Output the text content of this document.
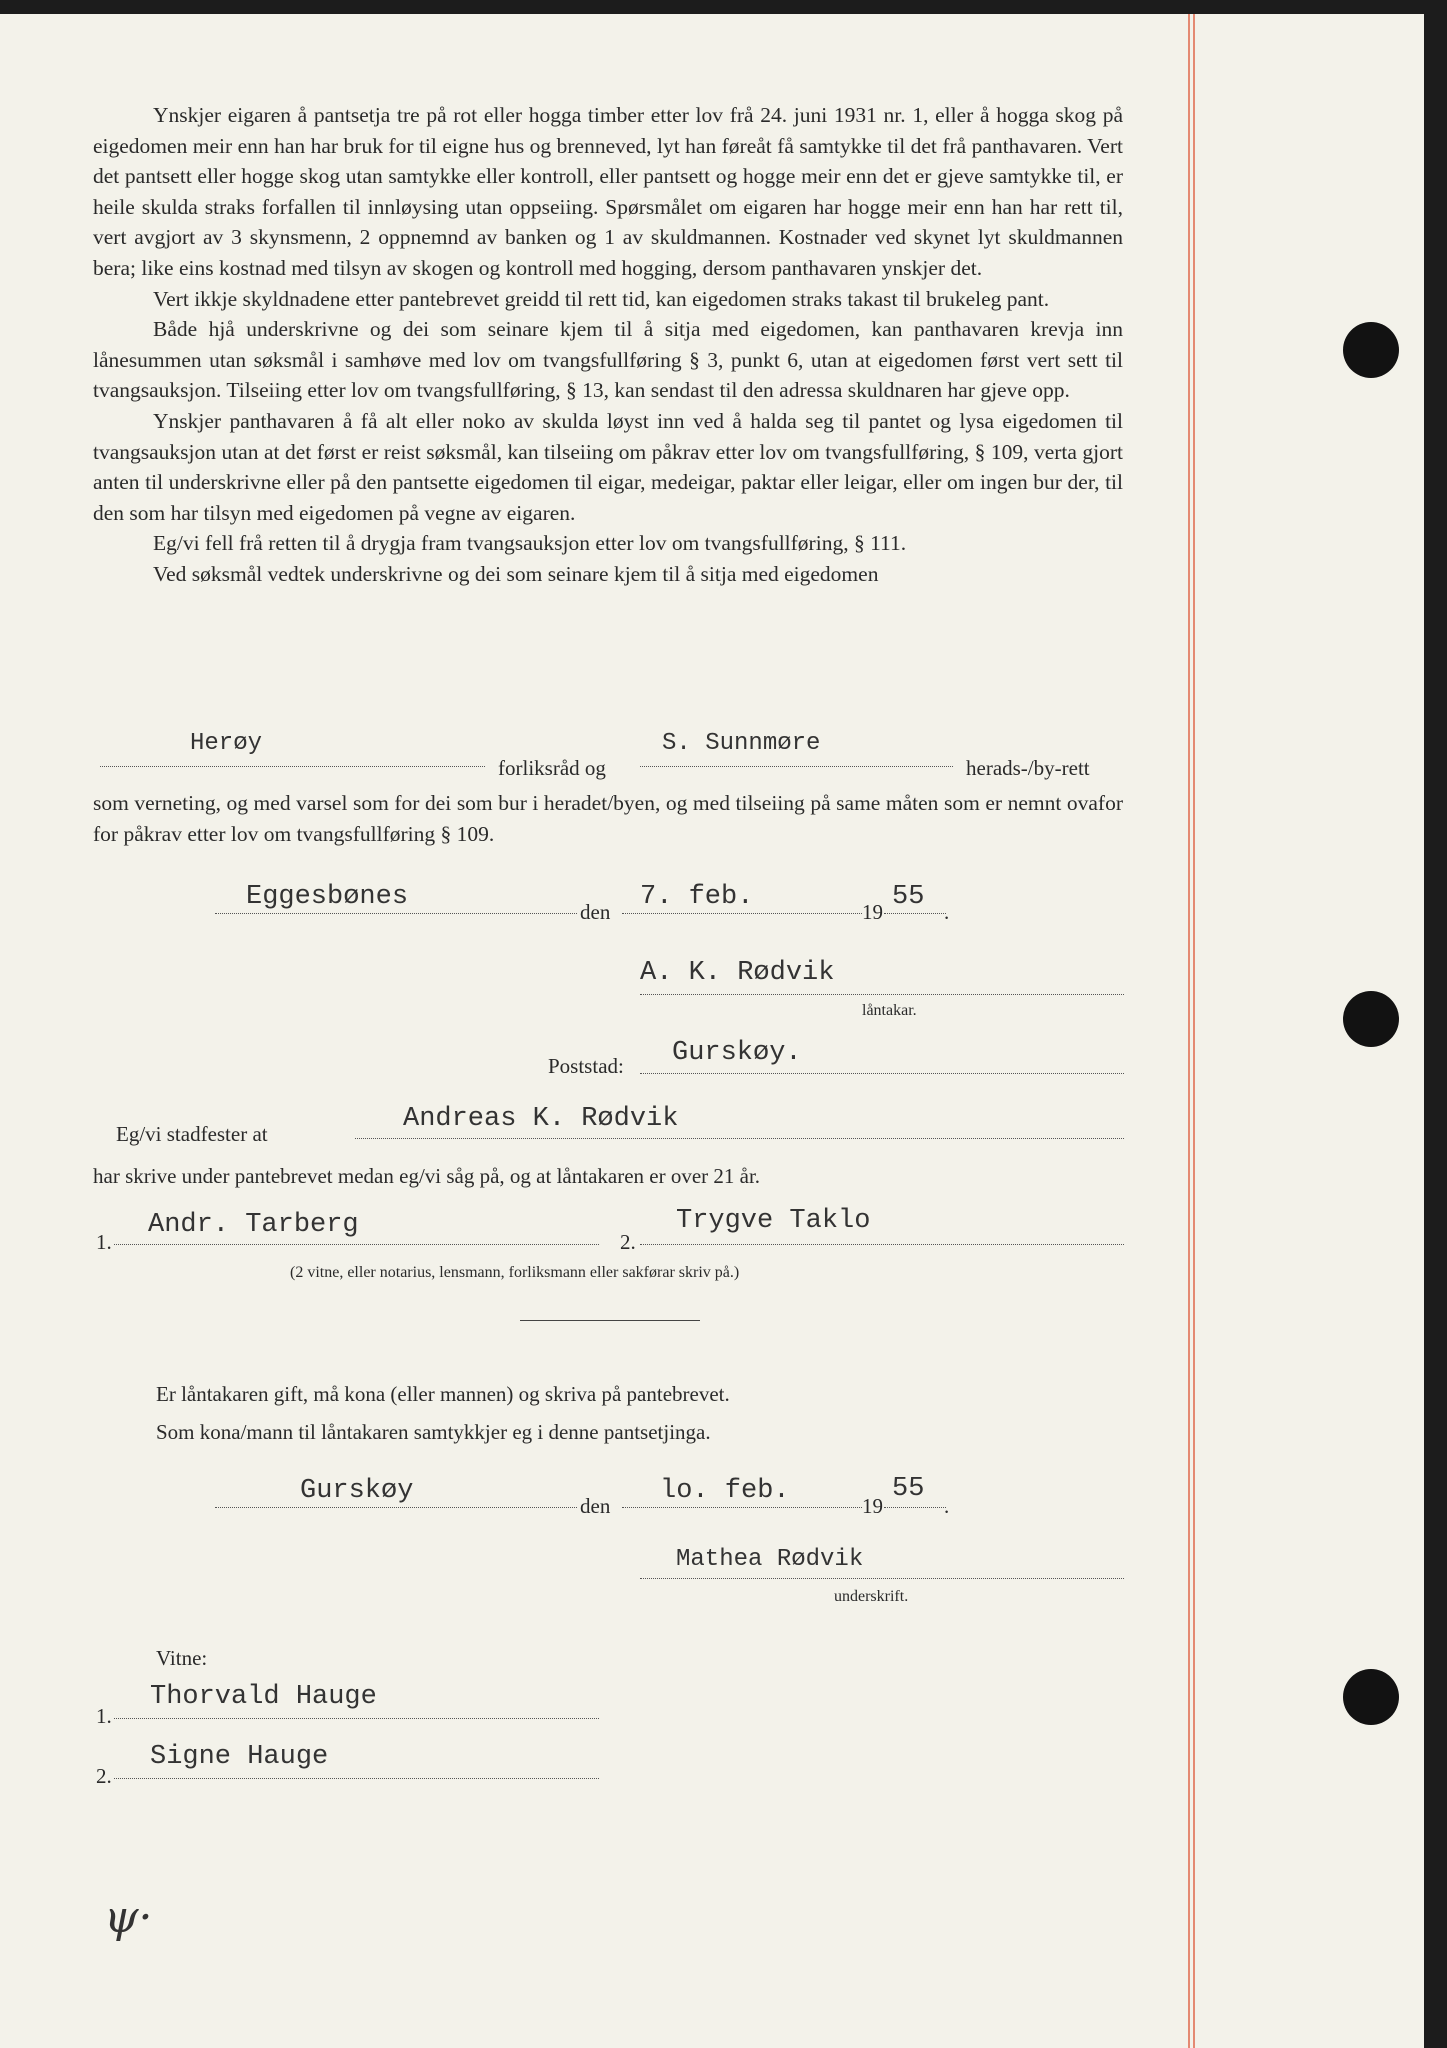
Ynskjer eigaren å pantsetja tre på rot eller hogga timber etter lov frå 24. juni 1931 nr. 1, eller å hogga skog på eigedomen meir enn han har bruk for til eigne hus og brenneved, lyt han føreåt få samtykke til det frå panthavaren. Vert det pantsett eller hogge skog utan samtykke eller kontroll, eller pantsett og hogge meir enn det er gjeve samtykke til, er heile skulda straks forfallen til innløysing utan oppseiing. Spørsmålet om eigaren har hogge meir enn han har rett til, vert avgjort av 3 skynsmenn, 2 oppnemnd av banken og 1 av skuldmannen. Kostnader ved skynet lyt skuldmannen bera; like eins kostnad med tilsyn av skogen og kontroll med hogging, dersom panthavaren ynskjer det.

Vert ikkje skyldnadene etter pantebrevet greidd til rett tid, kan eigedomen straks takast til brukeleg pant.

Både hjå underskrivne og dei som seinare kjem til å sitja med eigedomen, kan panthavaren krevja inn lånesummen utan søksmål i samhøve med lov om tvangsfullføring § 3, punkt 6, utan at eigedomen først vert sett til tvangsauksjon. Tilseiing etter lov om tvangsfullføring, § 13, kan sendast til den adressa skuldnaren har gjeve opp.

Ynskjer panthavaren å få alt eller noko av skulda løyst inn ved å halda seg til pantet og lysa eigedomen til tvangsauksjon utan at det først er reist søksmål, kan tilseiing om påkrav etter lov om tvangsfullføring, § 109, verta gjort anten til underskrivne eller på den pantsette eigedomen til eigar, medeigar, paktar eller leigar, eller om ingen bur der, til den som har tilsyn med eigedomen på vegne av eigaren.

Eg/vi fell frå retten til å drygja fram tvangsauksjon etter lov om tvangsfullføring, § 111.

Ved søksmål vedtek underskrivne og dei som seinare kjem til å sitja med eigedomen

Herøy
forliksråd og
S. Sunnmøre
herads-/by-rett
som verneting, og med varsel som for dei som bur i heradet/byen, og med tilseiing på same måten som er nemnt ovafor for påkrav etter lov om tvangsfullføring § 109.
Eggesbønes	den 7. feb.	19 55 .
A. K. Rødvik
låntakar.
Poststad: Gurskøy.
Eg/vi stadfester at	Andreas K. Rødvik
har skrive under pantebrevet medan eg/vi såg på, og at låntakaren er over 21 år.
1.
Andr. Tarberg
2.
Trygve Taklo
(2 vitne, eller notarius, lensmann, forliksmann eller sakførar skriv på.)
Er låntakaren gift, må kona (eller mannen) og skriva på pantebrevet.
Som kona/mann til låntakaren samtykkjer eg i denne pantsetjinga.
Gurskøy	den lo. feb.	19
55
.
Mathea Rødvik
underskrift.
Vitne:
1.
Thorvald Hauge
2.
Signe Hauge
ψ·
